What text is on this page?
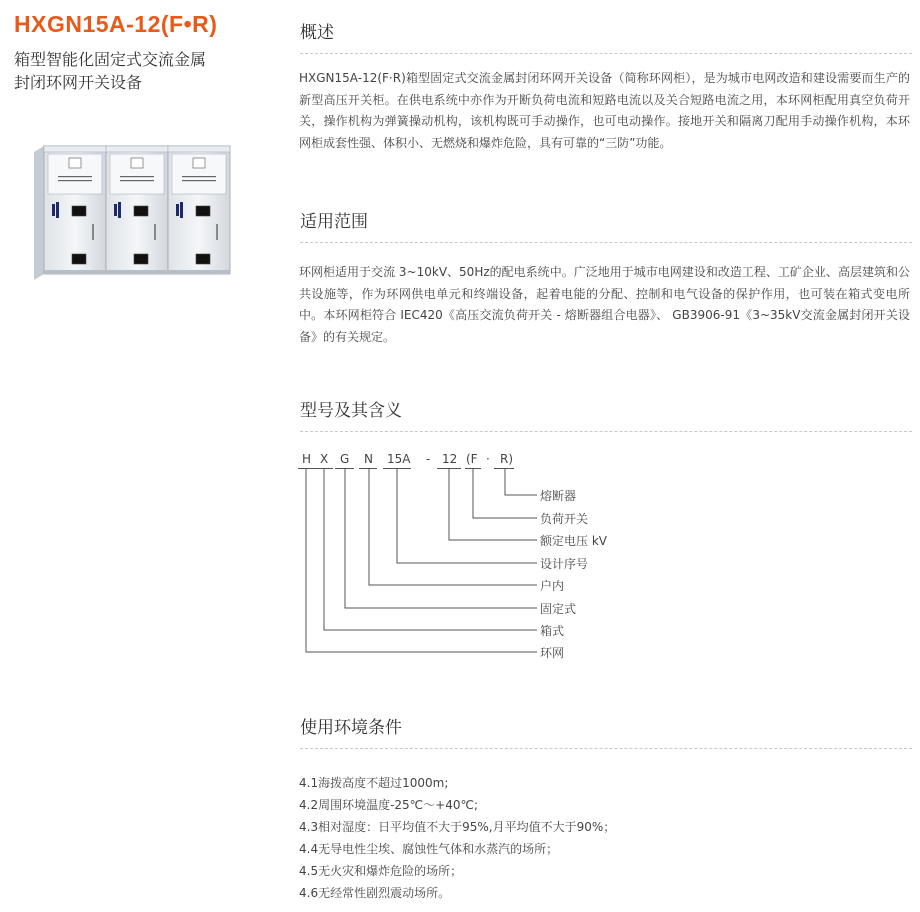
HXGN15A-12(F•R)
箱型智能化固定式交流金属
封闭环网开关设备
概述
HXGN15A-12(F·R)箱型固定式交流金属封闭环网开关设备（简称环网柜），是为城市电网改造和建设需要而生产的新型高压开关柜。在供电系统中亦作为开断负荷电流和短路电流以及关合短路电流之用，本环网柜配用真空负荷开关，操作机构为弹簧操动机构，该机构既可手动操作，也可电动操作。接地开关和隔离刀配用手动操作机构，本环网柜成套性强、体积小、无燃烧和爆炸危险，具有可靠的“三防”功能。
适用范围
环网柜适用于交流 3~10kV、50Hz的配电系统中。广泛地用于城市电网建设和改造工程、工矿企业、高层建筑和公共设施等，作为环网供电单元和终端设备，起着电能的分配、控制和电气设备的保护作用，也可装在箱式变电所 中。本环网柜符合 IEC420《高压交流负荷开关 - 熔断器组合电器》、 GB3906-91《3~35kV交流金属封闭开关设备》的有关规定。
型号及其含义
H X G N 15A - 12 (F · R)
熔断器
负荷开关
额定电压 kV
设计序号
户内
固定式
箱式
环网
使用环境条件
4.1海拨高度不超过1000m;
4.2周围环境温度-25℃～+40℃;
4.3相对湿度：日平均值不大于95%,月平均值不大于90%；
4.4无导电性尘埃、腐蚀性气体和水蒸汽的场所；
4.5无火灾和爆炸危险的场所；
4.6无经常性剧烈震动场所。
